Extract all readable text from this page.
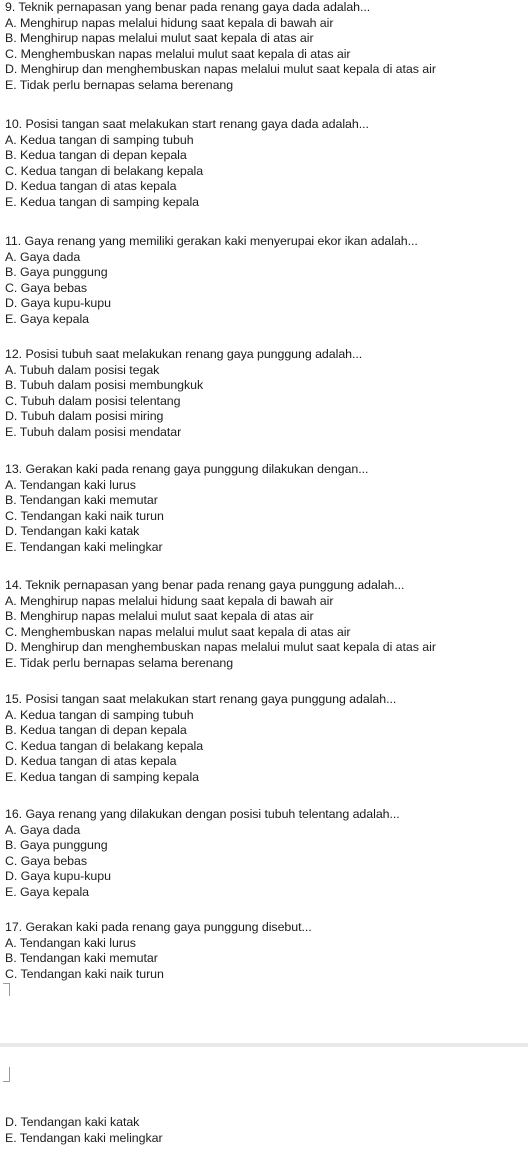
9. Teknik pernapasan yang benar pada renang gaya dada adalah...
A. Menghirup napas melalui hidung saat kepala di bawah air
B. Menghirup napas melalui mulut saat kepala di atas air
C. Menghembuskan napas melalui mulut saat kepala di atas air
D. Menghirup dan menghembuskan napas melalui mulut saat kepala di atas air
E. Tidak perlu bernapas selama berenang
10. Posisi tangan saat melakukan start renang gaya dada adalah...
A. Kedua tangan di samping tubuh
B. Kedua tangan di depan kepala
C. Kedua tangan di belakang kepala
D. Kedua tangan di atas kepala
E. Kedua tangan di samping kepala
11. Gaya renang yang memiliki gerakan kaki menyerupai ekor ikan adalah...
A. Gaya dada
B. Gaya punggung
C. Gaya bebas
D. Gaya kupu-kupu
E. Gaya kepala
12. Posisi tubuh saat melakukan renang gaya punggung adalah...
A. Tubuh dalam posisi tegak
B. Tubuh dalam posisi membungkuk
C. Tubuh dalam posisi telentang
D. Tubuh dalam posisi miring
E. Tubuh dalam posisi mendatar
13. Gerakan kaki pada renang gaya punggung dilakukan dengan...
A. Tendangan kaki lurus
B. Tendangan kaki memutar
C. Tendangan kaki naik turun
D. Tendangan kaki katak
E. Tendangan kaki melingkar
14. Teknik pernapasan yang benar pada renang gaya punggung adalah...
A. Menghirup napas melalui hidung saat kepala di bawah air
B. Menghirup napas melalui mulut saat kepala di atas air
C. Menghembuskan napas melalui mulut saat kepala di atas air
D. Menghirup dan menghembuskan napas melalui mulut saat kepala di atas air
E. Tidak perlu bernapas selama berenang
15. Posisi tangan saat melakukan start renang gaya punggung adalah...
A. Kedua tangan di samping tubuh
B. Kedua tangan di depan kepala
C. Kedua tangan di belakang kepala
D. Kedua tangan di atas kepala
E. Kedua tangan di samping kepala
16. Gaya renang yang dilakukan dengan posisi tubuh telentang adalah...
A. Gaya dada
B. Gaya punggung
C. Gaya bebas
D. Gaya kupu-kupu
E. Gaya kepala
17. Gerakan kaki pada renang gaya punggung disebut...
A. Tendangan kaki lurus
B. Tendangan kaki memutar
C. Tendangan kaki naik turun
D. Tendangan kaki katak
E. Tendangan kaki melingkar
